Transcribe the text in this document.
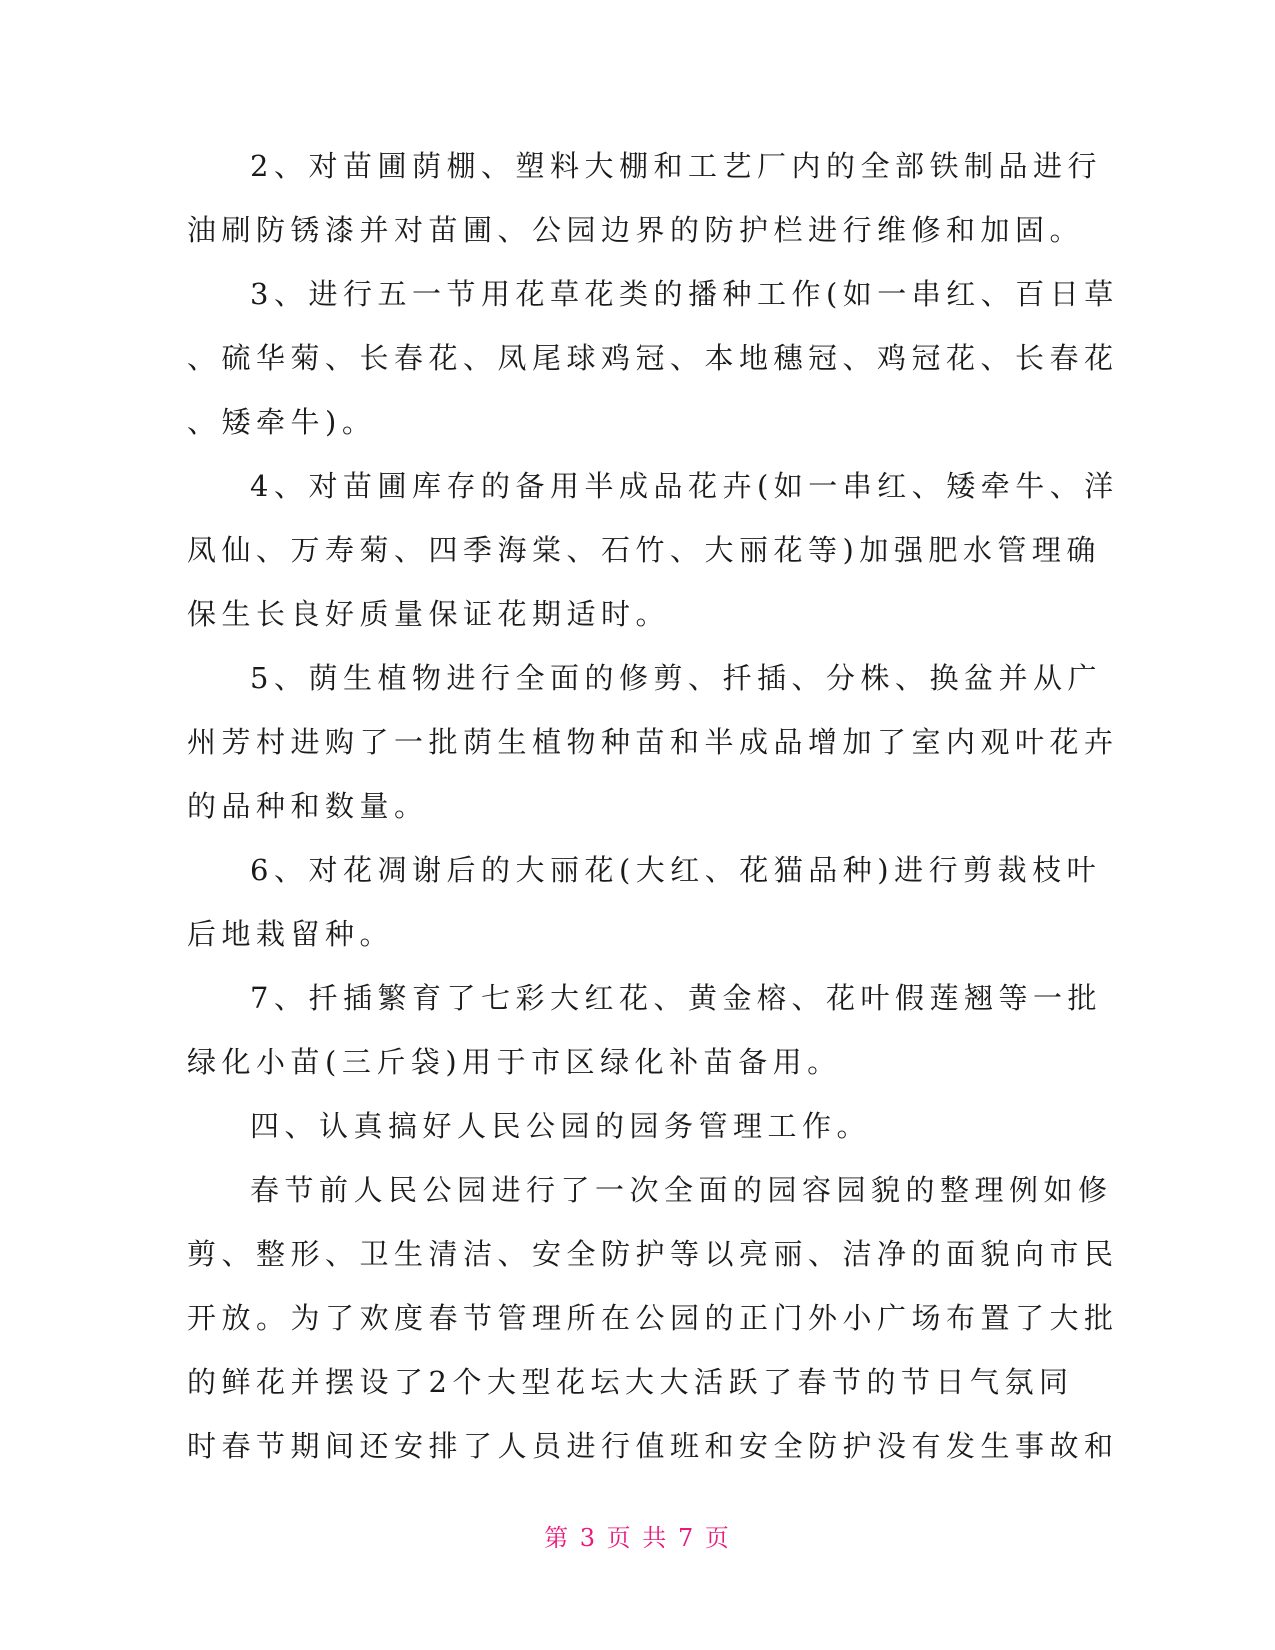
2、对苗圃荫棚、塑料大棚和工艺厂内的全部铁制品进行
油刷防锈漆并对苗圃、公园边界的防护栏进行维修和加固。
3、进行五一节用花草花类的播种工作(如一串红、百日草
、硫华菊、长春花、凤尾球鸡冠、本地穗冠、鸡冠花、长春花
、矮牵牛)。
4、对苗圃库存的备用半成品花卉(如一串红、矮牵牛、洋
凤仙、万寿菊、四季海棠、石竹、大丽花等)加强肥水管理确
保生长良好质量保证花期适时。
5、荫生植物进行全面的修剪、扦插、分株、换盆并从广
州芳村进购了一批荫生植物种苗和半成品增加了室内观叶花卉
的品种和数量。
6、对花凋谢后的大丽花(大红、花猫品种)进行剪裁枝叶
后地栽留种。
7、扦插繁育了七彩大红花、黄金榕、花叶假莲翘等一批
绿化小苗(三斤袋)用于市区绿化补苗备用。
四、认真搞好人民公园的园务管理工作。
春节前人民公园进行了一次全面的园容园貌的整理例如修
剪、整形、卫生清洁、安全防护等以亮丽、洁净的面貌向市民
开放。为了欢度春节管理所在公园的正门外小广场布置了大批
的鲜花并摆设了2个大型花坛大大活跃了春节的节日气氛同
时春节期间还安排了人员进行值班和安全防护没有发生事故和
第 3 页 共 7 页
